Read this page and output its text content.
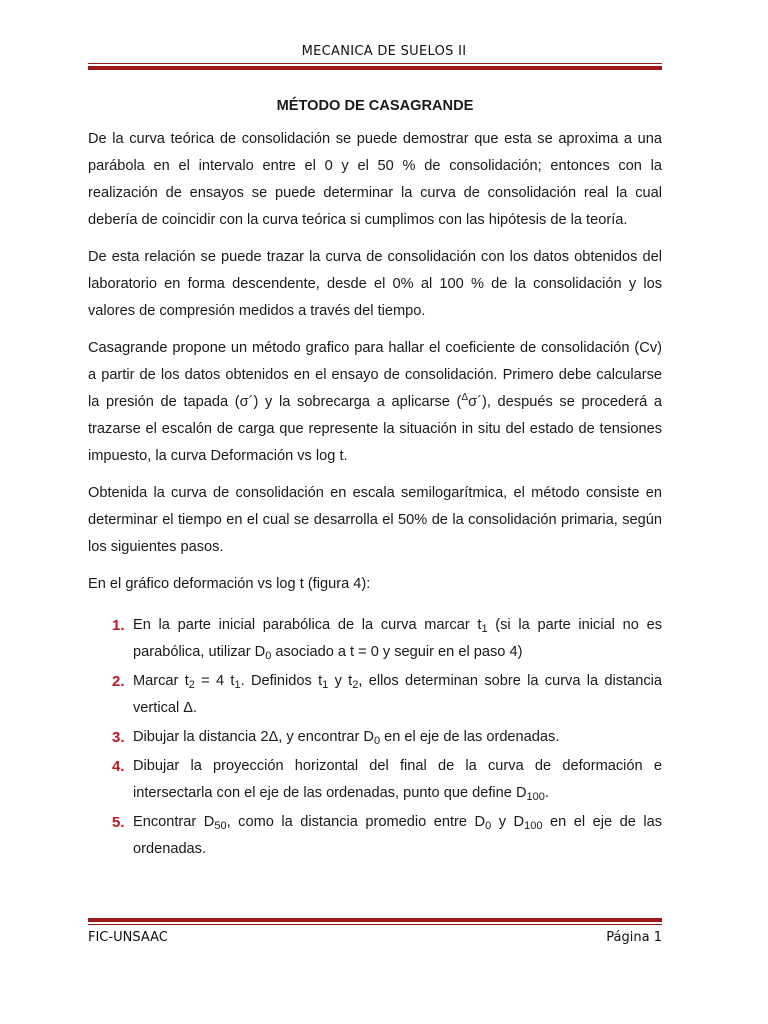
MECANICA DE SUELOS II
MÉTODO DE CASAGRANDE

De la curva teórica de consolidación se puede demostrar que esta se aproxima a una parábola en el intervalo entre el 0 y el 50 % de consolidación; entonces con la realización de ensayos se puede determinar la curva de consolidación real la cual debería de coincidir con la curva teórica si cumplimos con las hipótesis de la teoría.

De esta relación se puede trazar la curva de consolidación con los datos obtenidos del laboratorio en forma descendente, desde el 0% al 100 % de la consolidación y los valores de compresión medidos a través del tiempo.

Casagrande propone un método grafico para hallar el coeficiente de consolidación (Cv) a partir de los datos obtenidos en el ensayo de consolidación. Primero debe calcularse la presión de tapada (σ´) y la sobrecarga a aplicarse ($^\Delta$σ´), después se procederá a trazarse el escalón de carga que represente la situación in situ del estado de tensiones impuesto, la curva Deformación vs log t.

Obtenida la curva de consolidación en escala semilogarítmica, el método consiste en determinar el tiempo en el cual se desarrolla el 50% de la consolidación primaria, según los siguientes pasos.

En el gráfico deformación vs log t (figura 4):

1. En la parte inicial parabólica de la curva marcar $t_1$ (si la parte inicial no es parabólica, utilizar $D_0$ asociado a t = 0 y seguir en el paso 4)
2. Marcar $t_2 = 4$ $t_1$. Definidos $t_1$ y $t_2$, ellos determinan sobre la curva la distancia vertical Δ.
3. Dibujar la distancia 2Δ, y encontrar $D_0$ en el eje de las ordenadas.
4. Dibujar la proyección horizontal del final de la curva de deformación e intersectarla con el eje de las ordenadas, punto que define $D_{100}$.
5. Encontrar $D_{50}$, como la distancia promedio entre $D_0$ y $D_{100}$ en el eje de las ordenadas.
FIC-UNSAAC	Página 1
